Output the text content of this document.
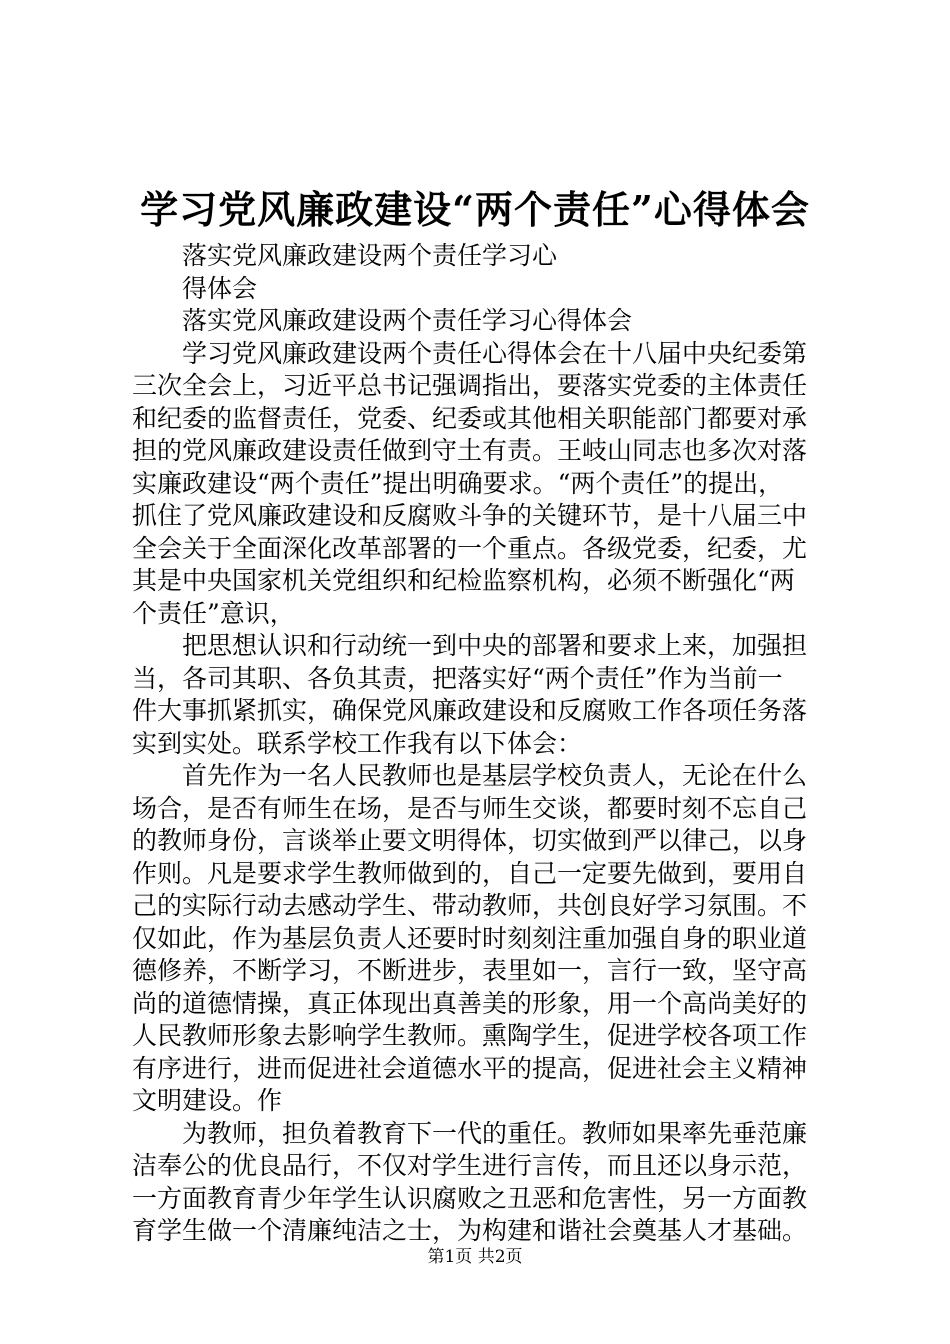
学习党风廉政建设“两个责任”心得体会
落实党风廉政建设两个责任学习心
得体会
落实党风廉政建设两个责任学习心得体会
学习党风廉政建设两个责任心得体会在十八届中央纪委第
三次全会上，习近平总书记强调指出，要落实党委的主体责任
和纪委的监督责任，党委、纪委或其他相关职能部门都要对承
担的党风廉政建设责任做到守土有责。王岐山同志也多次对落
实廉政建设“两个责任”提出明确要求。“两个责任”的提出，
抓住了党风廉政建设和反腐败斗争的关键环节，是十八届三中
全会关于全面深化改革部署的一个重点。各级党委，纪委，尤
其是中央国家机关党组织和纪检监察机构，必须不断强化“两
个责任”意识，
把思想认识和行动统一到中央的部署和要求上来，加强担
当，各司其职、各负其责，把落实好“两个责任”作为当前一
件大事抓紧抓实，确保党风廉政建设和反腐败工作各项任务落
实到实处。联系学校工作我有以下体会：
首先作为一名人民教师也是基层学校负责人，无论在什么
场合，是否有师生在场，是否与师生交谈，都要时刻不忘自己
的教师身份，言谈举止要文明得体，切实做到严以律己，以身
作则。凡是要求学生教师做到的，自己一定要先做到，要用自
己的实际行动去感动学生、带动教师，共创良好学习氛围。不
仅如此，作为基层负责人还要时时刻刻注重加强自身的职业道
德修养，不断学习，不断进步，表里如一，言行一致，坚守高
尚的道德情操，真正体现出真善美的形象，用一个高尚美好的
人民教师形象去影响学生教师。熏陶学生，促进学校各项工作
有序进行，进而促进社会道德水平的提高，促进社会主义精神
文明建设。作
为教师，担负着教育下一代的重任。教师如果率先垂范廉
洁奉公的优良品行，不仅对学生进行言传，而且还以身示范，
一方面教育青少年学生认识腐败之丑恶和危害性，另一方面教
育学生做一个清廉纯洁之士，为构建和谐社会奠基人才基础。
第1页 共2页
